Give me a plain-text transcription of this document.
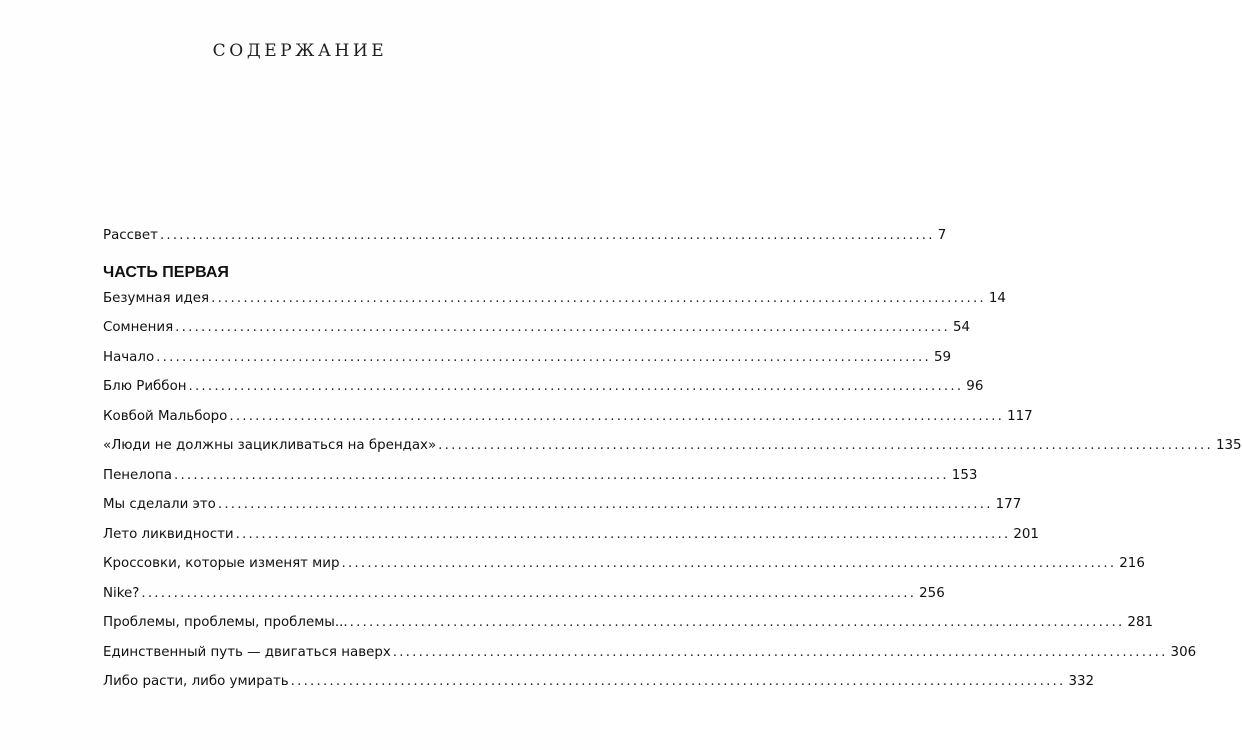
СОДЕРЖАНИЕ
Рассвет ........................................................................................................................ 7
ЧАСТЬ ПЕРВАЯ
Безумная идея ........................................................................................................................ 14
Сомнения ........................................................................................................................ 54
Начало ........................................................................................................................ 59
Блю Риббон ........................................................................................................................ 96
Ковбой Мальборо ........................................................................................................................ 117
«Люди не должны зацикливаться на брендах» ........................................................................................................................ 135
Пенелопа ........................................................................................................................ 153
Мы сделали это ........................................................................................................................ 177
Лето ликвидности ........................................................................................................................ 201
Кроссовки, которые изменят мир ........................................................................................................................ 216
Nike? ........................................................................................................................ 256
Проблемы, проблемы, проблемы... ........................................................................................................................ 281
Единственный путь — двигаться наверх ........................................................................................................................ 306
Либо расти, либо умирать ........................................................................................................................ 332
